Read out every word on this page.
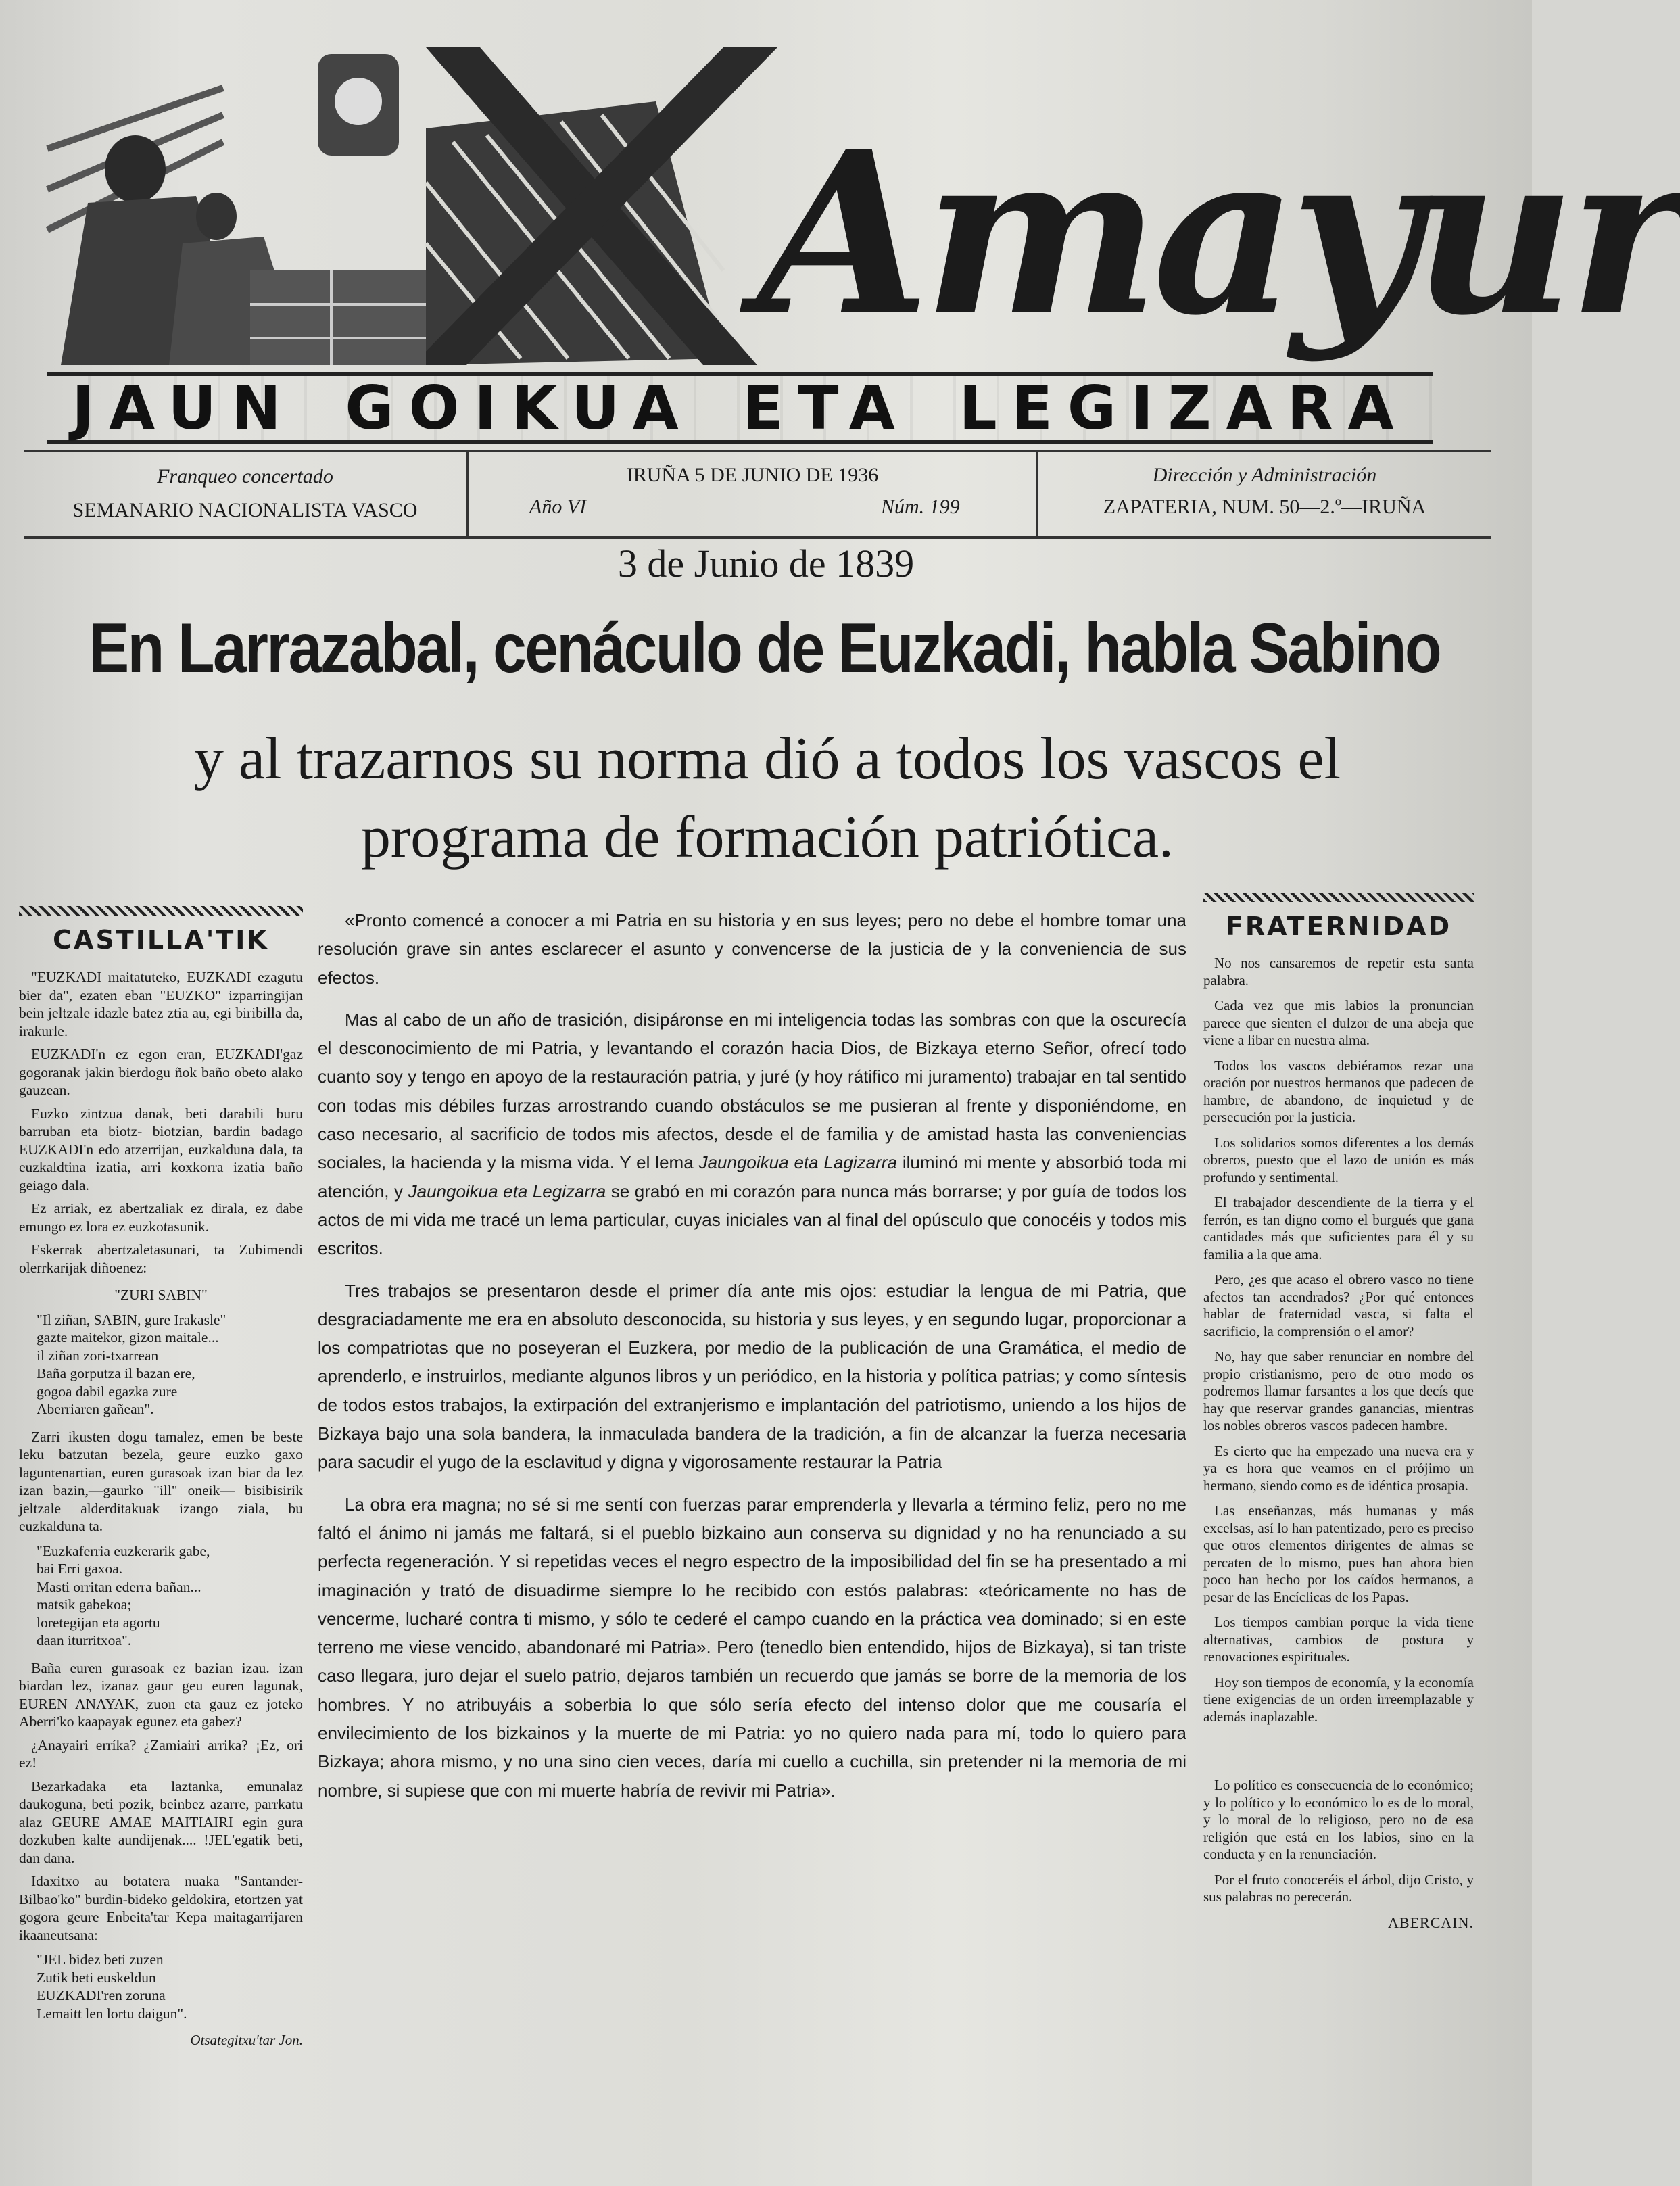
Amayur
JAUN GOIKUA ETA LEGIZARA
Franqueo concertado
SEMANARIO NACIONALISTA VASCO
IRUÑA 5 DE JUNIO DE 1936
Año VI	Núm. 199
Dirección y Administración
ZAPATERIA, NUM. 50—2.º—IRUÑA
3 de Junio de 1839
En Larrazabal, cenáculo de Euzkadi, habla Sabino
y al trazarnos su norma dió a todos los vascos el
programa de formación patriótica.
CASTILLA'TIK

"EUZKADI maitatuteko, EUZKADI ezagutu bier da", ezaten eban "EUZKO" izparringijan bein jeltzale idazle batez ztia au, egi biribilla da, irakurle.

EUZKADI'n ez egon eran, EUZKADI'gaz gogoranak jakin bierdogu ñok baño obeto alako gauzean.

Euzko zintzua danak, beti darabili buru barruban eta biotz- biotzian, bardin badago EUZKADI'n edo atzerrijan, euzkalduna dala, ta euzkaldtina izatia, arri koxkorra izatia baño geiago dala.

Ez arriak, ez abertzaliak ez dirala, ez dabe emungo ez lora ez euzkotasunik.

Eskerrak abertzaletasunari, ta Zubimendi olerrkarijak diñoenez:

"ZURI SABIN"
"Il ziñan, SABIN, gure Irakasle"
gazte maitekor, gizon maitale...
il ziñan zori-txarrean
Baña gorputza il bazan ere,
gogoa dabil egazka zure
Aberriaren gañean".

Zarri ikusten dogu tamalez, emen be beste leku batzutan bezela, geure euzko gaxo laguntenartian, euren gurasoak izan biar da lez izan bazin,—gaurko "ill" oneik— bisibisirik jeltzale alderditakuak izango ziala, bu euzkalduna ta.

"Euzkaferria euzkerarik gabe,
bai Erri gaxoa.
Masti orritan ederra bañan...
matsik gabekoa;
loretegijan eta agortu
daan iturritxoa".

Baña euren gurasoak ez bazian izau. izan biardan lez, izanaz gaur geu euren lagunak, EUREN ANAYAK, zuon eta gauz ez joteko Aberri'ko kaapayak egunez eta gabez?

¿Anayairi erríka? ¿Zamiairi arrika? ¡Ez, ori ez!

Bezarkadaka eta laztanka, emunalaz daukoguna, beti pozik, beinbez azarre, parrkatu alaz GEURE AMAE MAITIAIRI egin gura dozkuben kalte aundijenak.... !JEL'egatik beti, dan dana.

Idaxitxo au botatera nuaka "Santander-Bilbao'ko" burdin-bideko geldokira, etortzen yat gogora geure Enbeita'tar Kepa maitagarrijaren ikaaneutsana:

"JEL bidez beti zuzen
Zutik beti euskeldun
EUZKADI'ren zoruna
Lemaitt len lortu daigun".
Otsategitxu'tar Jon.

«Pronto comencé a conocer a mi Patria en su historia y en sus leyes; pero no debe el hombre tomar una resolución grave sin antes esclarecer el asunto y convencerse de la justicia de y la conveniencia de sus efectos.

Mas al cabo de un año de trasición, disipáronse en mi inteligencia todas las sombras con que la oscurecía el desconocimiento de mi Patria, y levantando el corazón hacia Dios, de Bizkaya eterno Señor, ofrecí todo cuanto soy y tengo en apoyo de la restauración patria, y juré (y hoy rátifico mi juramento) trabajar en tal sentido con todas mis débiles furzas arrostrando cuando obstáculos se me pusieran al frente y disponiéndome, en caso necesario, al sacrificio de todos mis afectos, desde el de familia y de amistad hasta las conveniencias sociales, la hacienda y la misma vida. Y el lema Jaungoikua eta Lagizarra iluminó mi mente y absorbió toda mi atención, y Jaungoikua eta Legizarra se grabó en mi corazón para nunca más borrarse; y por guía de todos los actos de mi vida me tracé un lema particular, cuyas iniciales van al final del opúsculo que conocéis y todos mis escritos.

Tres trabajos se presentaron desde el primer día ante mis ojos: estudiar la lengua de mi Patria, que desgraciadamente me era en absoluto desconocida, su historia y sus leyes, y en segundo lugar, proporcionar a los compatriotas que no poseyeran el Euzkera, por medio de la publicación de una Gramática, el medio de aprenderlo, e instruirlos, mediante algunos libros y un periódico, en la historia y política patrias; y como síntesis de todos estos trabajos, la extirpación del extranjerismo e implantación del patriotismo, uniendo a los hijos de Bizkaya bajo una sola bandera, la inmaculada bandera de la tradición, a fin de alcanzar la fuerza necesaria para sacudir el yugo de la esclavitud y digna y vigorosamente restaurar la Patria

La obra era magna; no sé si me sentí con fuerzas parar emprenderla y llevarla a término feliz, pero no me faltó el ánimo ni jamás me faltará, si el pueblo bizkaino aun conserva su dignidad y no ha renunciado a su perfecta regeneración. Y si repetidas veces el negro espectro de la imposibilidad del fin se ha presentado a mi imaginación y trató de disuadirme siempre lo he recibido con estós palabras: «teóricamente no has de vencerme, lucharé contra ti mismo, y sólo te cederé el campo cuando en la práctica vea dominado; si en este terreno me viese vencido, abandonaré mi Patria». Pero (tenedlo bien entendido, hijos de Bizkaya), si tan triste caso llegara, juro dejar el suelo patrio, dejaros también un recuerdo que jamás se borre de la memoria de los hombres. Y no atribuyáis a soberbia lo que sólo sería efecto del intenso dolor que me cousaría el envilecimiento de los bizkainos y la muerte de mi Patria: yo no quiero nada para mí, todo lo quiero para Bizkaya; ahora mismo, y no una sino cien veces, daría mi cuello a cuchilla, sin pretender ni la memoria de mi nombre, si supiese que con mi muerte habría de revivir mi Patria».

FRATERNIDAD

No nos cansaremos de repetir esta santa palabra.

Cada vez que mis labios la pronuncian parece que sienten el dulzor de una abeja que viene a libar en nuestra alma.

Todos los vascos debiéramos rezar una oración por nuestros hermanos que padecen de hambre, de abandono, de inquietud y de persecución por la justicia.

Los solidarios somos diferentes a los demás obreros, puesto que el lazo de unión es más profundo y sentimental.

El trabajador descendiente de la tierra y el ferrón, es tan digno como el burgués que gana cantidades más que suficientes para él y su familia a la que ama.

Pero, ¿es que acaso el obrero vasco no tiene afectos tan acendrados? ¿Por qué entonces hablar de fraternidad vasca, si falta el sacrificio, la comprensión o el amor?

No, hay que saber renunciar en nombre del propio cristianismo, pero de otro modo os podremos llamar farsantes a los que decís que hay que reservar grandes ganancias, mientras los nobles obreros vascos padecen hambre.

Es cierto que ha empezado una nueva era y ya es hora que veamos en el prójimo un hermano, siendo como es de idéntica prosapia.

Las enseñanzas, más humanas y más excelsas, así lo han patentizado, pero es preciso que otros elementos dirigentes de almas se percaten de lo mismo, pues han ahora bien poco han hecho por los caídos hermanos, a pesar de las Encíclicas de los Papas.

Los tiempos cambian porque la vida tiene alternativas, cambios de postura y renovaciones espirituales.

Hoy son tiempos de economía, y la economía tiene exigencias de un orden irreemplazable y además inaplazable.

Lo político es consecuencia de lo económico; y lo político y lo económico lo es de lo moral, y lo moral de lo religioso, pero no de esa religión que está en los labios, sino en la conducta y en la renunciación.

Por el fruto conoceréis el árbol, dijo Cristo, y sus palabras no perecerán.

ABERCAIN.
